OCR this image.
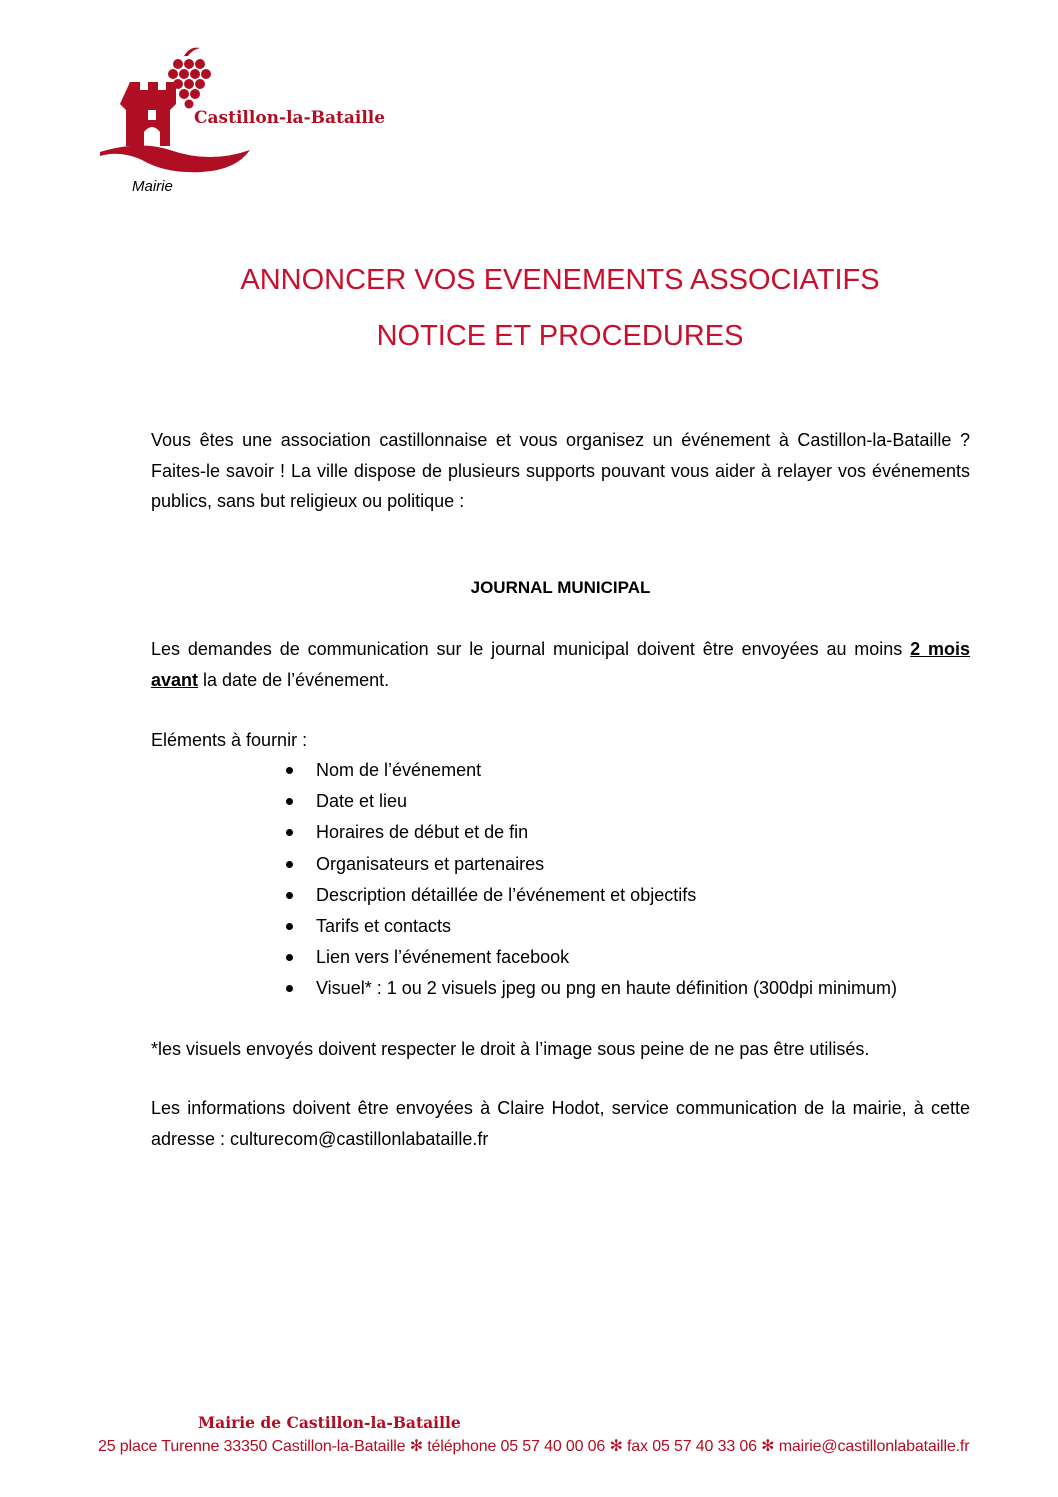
Castillon-la-Bataille
Mairie
ANNONCER VOS EVENEMENTS ASSOCIATIFS
NOTICE ET PROCEDURES
Vous êtes une association castillonnaise et vous organisez un événement à Castillon-la-Bataille ? Faites-le savoir ! La ville dispose de plusieurs supports pouvant vous aider à relayer vos événements publics, sans but religieux ou politique :
JOURNAL MUNICIPAL
Les demandes de communication sur le journal municipal doivent être envoyées au moins 2 mois avant la date de l’événement.
Eléments à fournir :
Nom de l’événement
Date et lieu
Horaires de début et de fin
Organisateurs et partenaires
Description détaillée de l’événement et objectifs
Tarifs et contacts
Lien vers l’événement facebook
Visuel* : 1 ou 2 visuels jpeg ou png en haute définition (300dpi minimum)
*les visuels envoyés doivent respecter le droit à l’image sous peine de ne pas être utilisés.
Les informations doivent être envoyées à Claire Hodot, service communication de la mairie, à cette adresse : culturecom@castillonlabataille.fr
Mairie de Castillon-la-Bataille
25 place Turenne 33350 Castillon-la-Bataille ✻ téléphone 05 57 40 00 06 ✻ fax 05 57 40 33 06 ✻ mairie@castillonlabataille.fr
